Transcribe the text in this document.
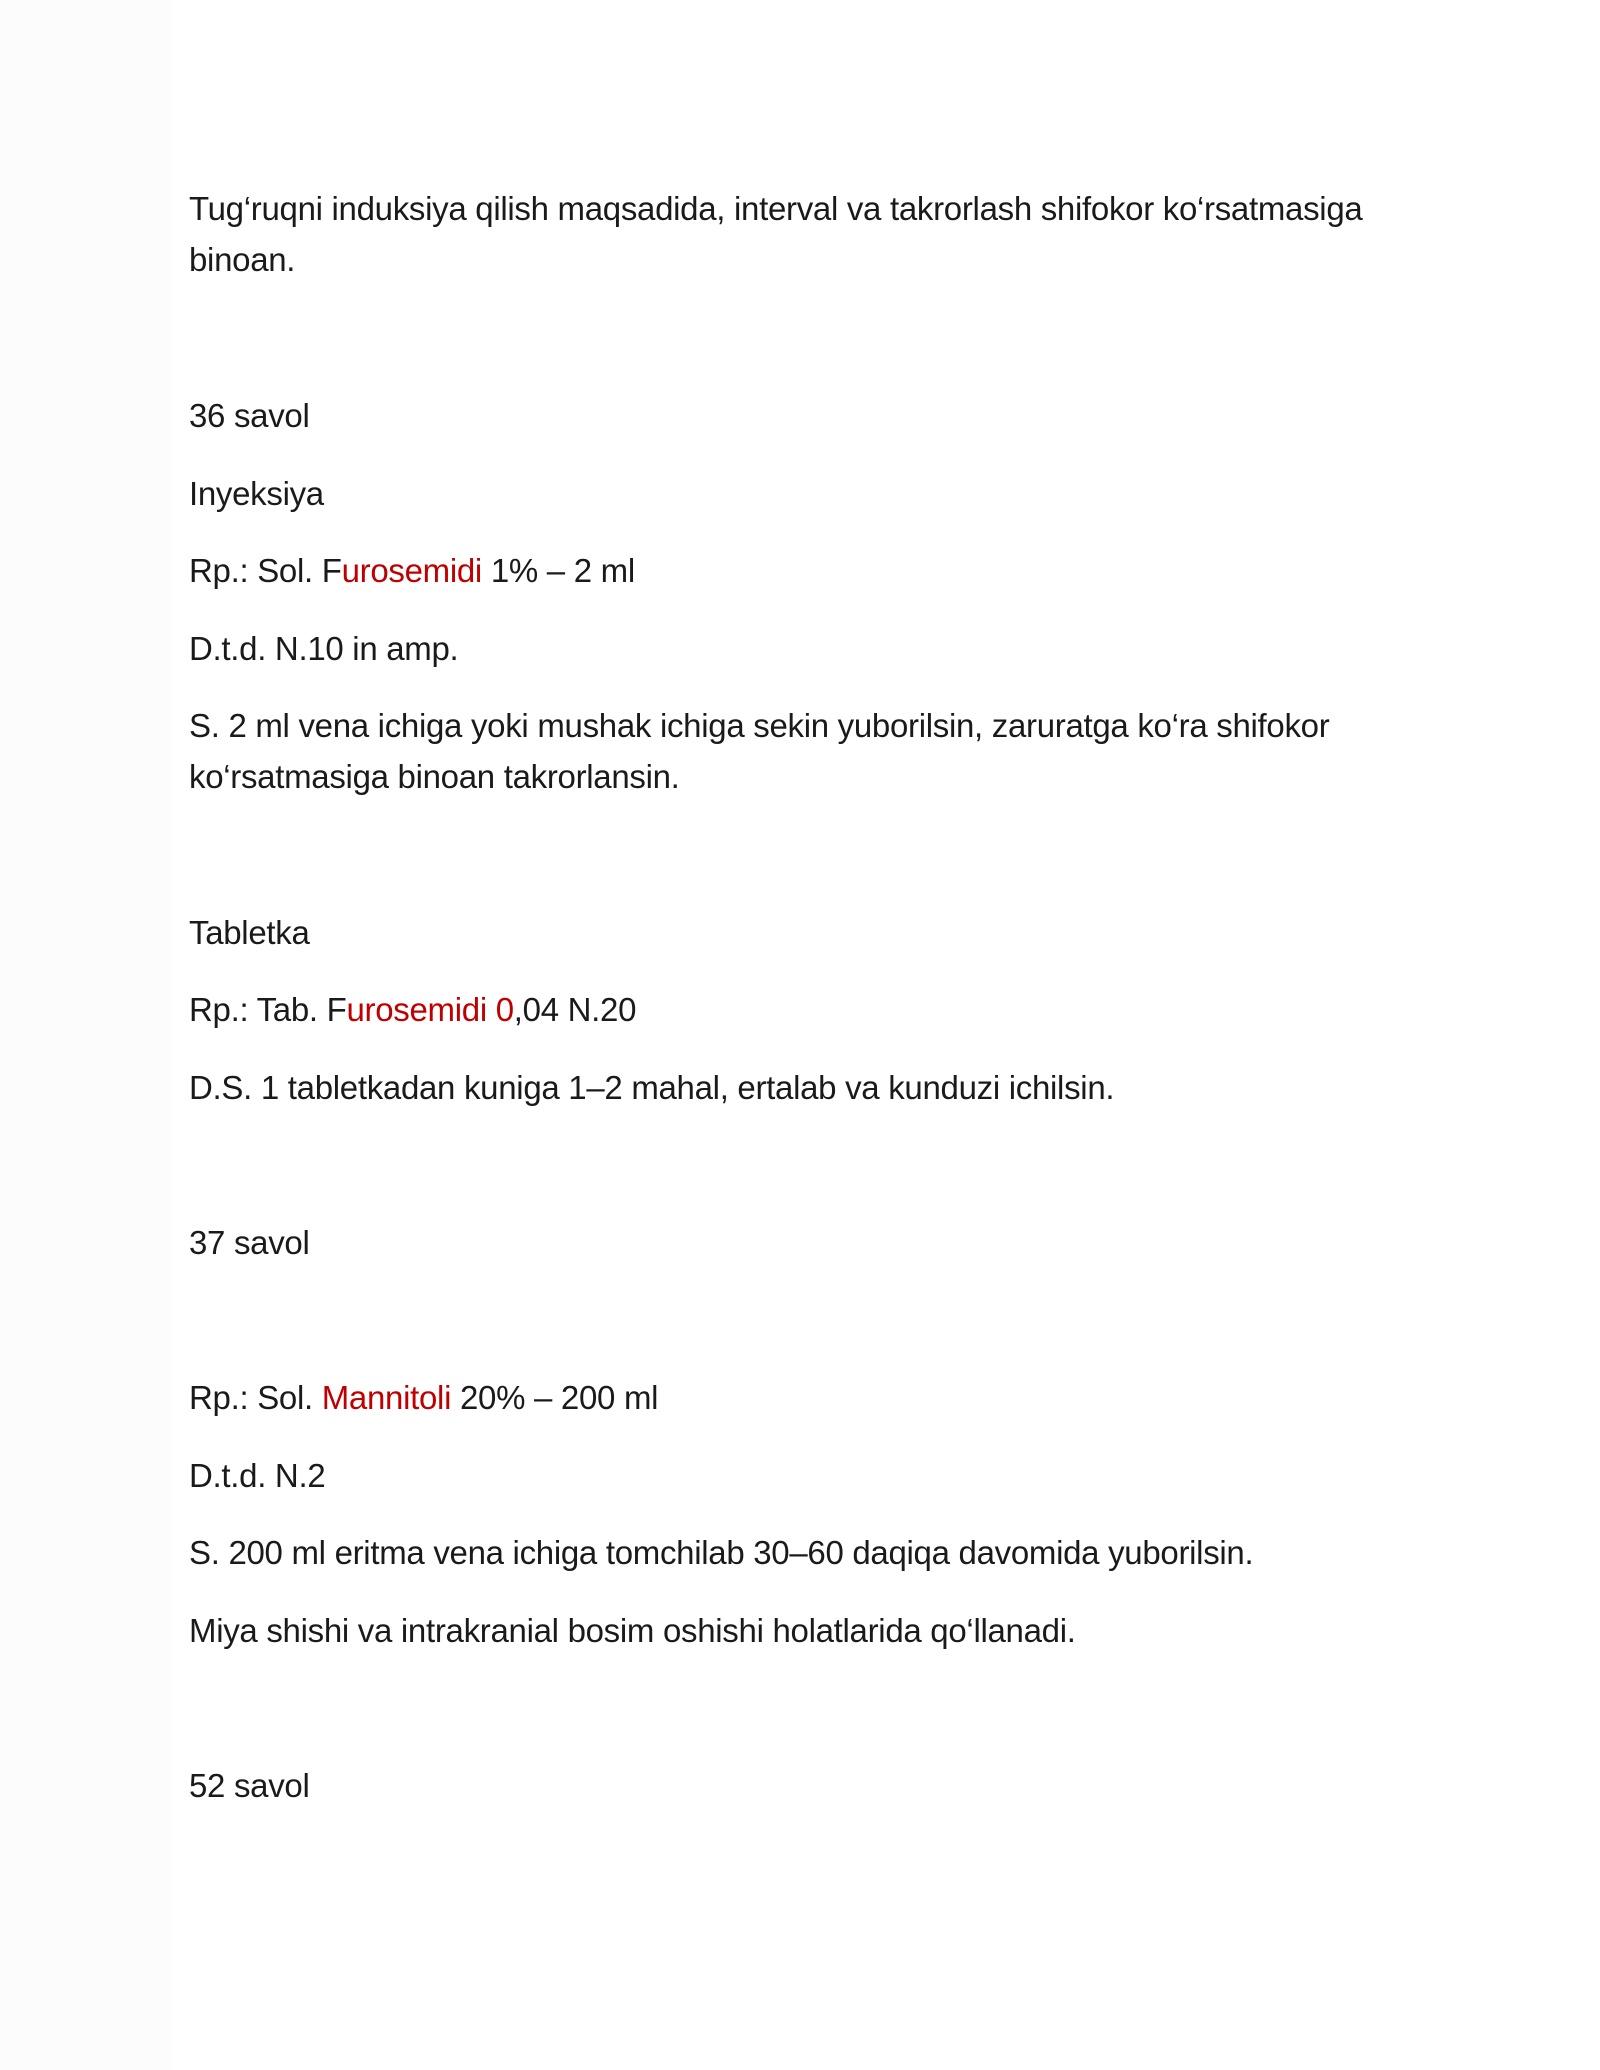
Tug‘ruqni induksiya qilish maqsadida, interval va takrorlash shifokor ko‘rsatmasiga
binoan.
36 savol
Inyeksiya
Rp.: Sol. Furosemidi 1% – 2 ml
D.t.d. N.10 in amp.
S. 2 ml vena ichiga yoki mushak ichiga sekin yuborilsin, zaruratga ko‘ra shifokor
ko‘rsatmasiga binoan takrorlansin.
Tabletka
Rp.: Tab. Furosemidi 0,04 N.20
D.S. 1 tabletkadan kuniga 1–2 mahal, ertalab va kunduzi ichilsin.
37 savol
Rp.: Sol. Mannitoli 20% – 200 ml
D.t.d. N.2
S. 200 ml eritma vena ichiga tomchilab 30–60 daqiqa davomida yuborilsin.
Miya shishi va intrakranial bosim oshishi holatlarida qo‘llanadi.
52 savol
